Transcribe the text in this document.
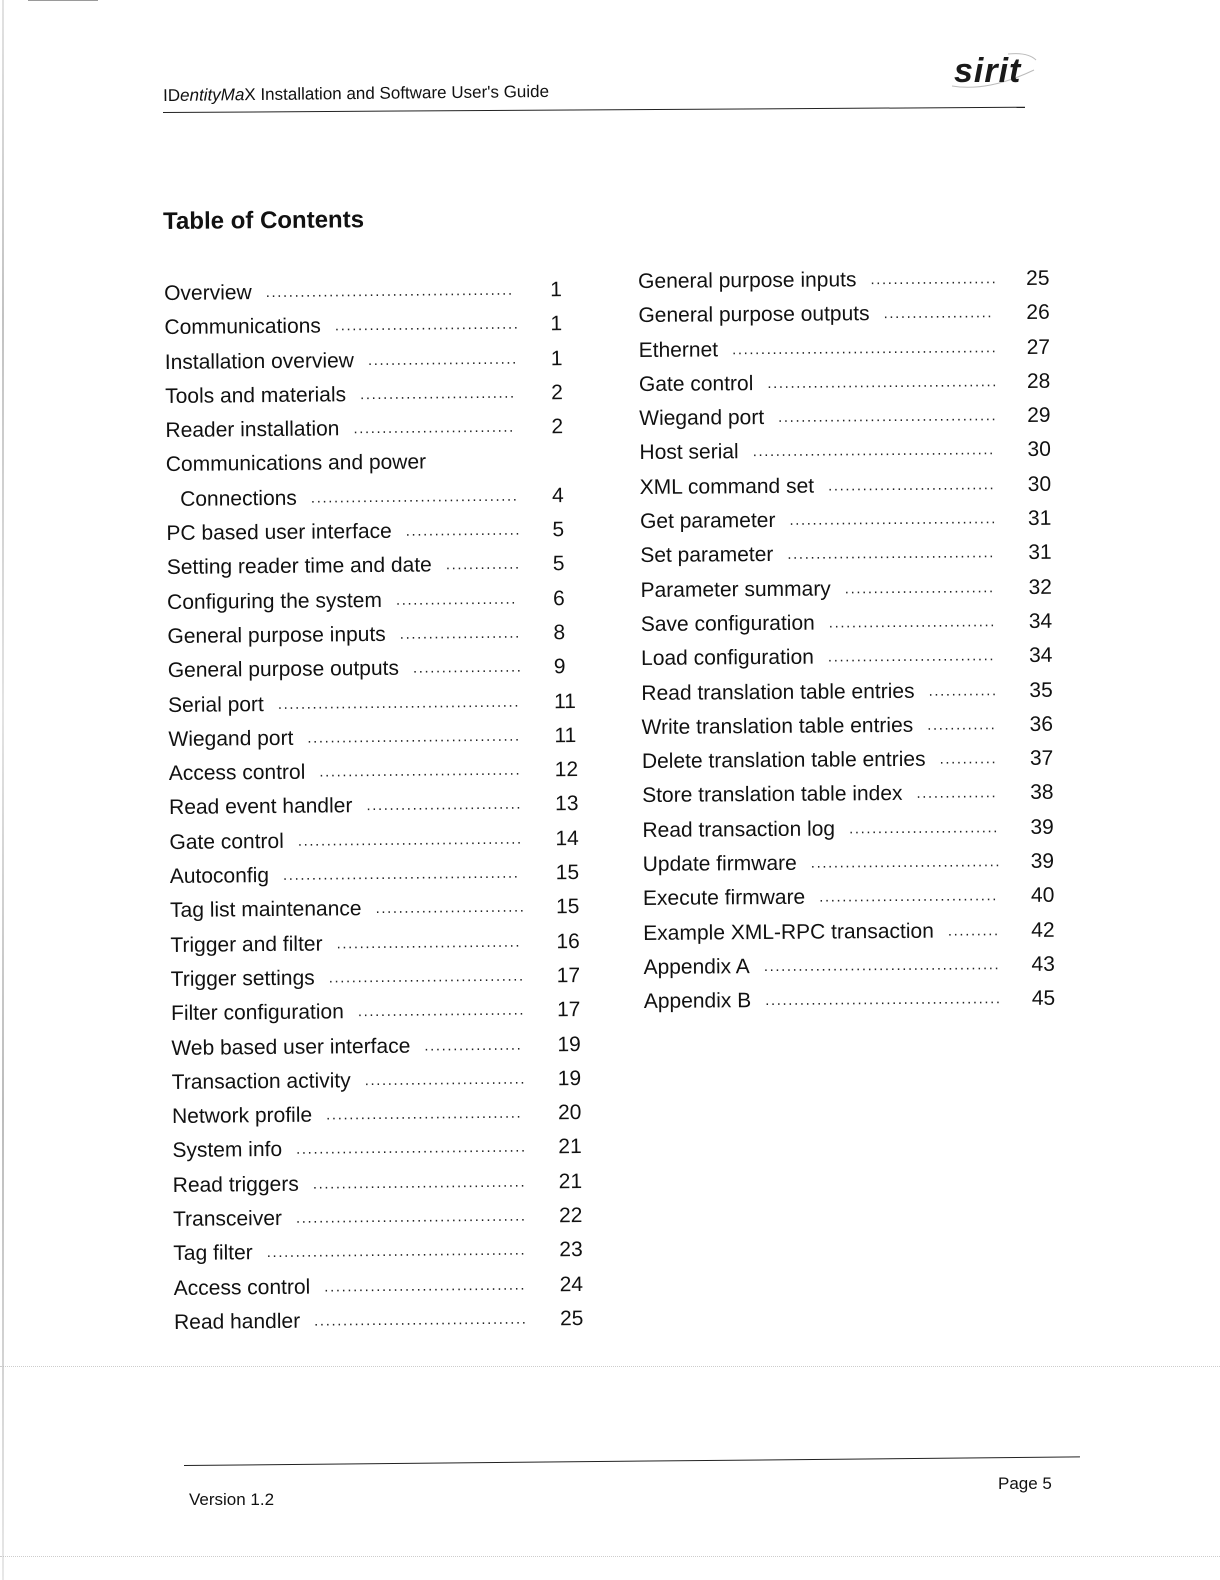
IDentityMaX Installation and Software User's Guide
sirit
Table of Contents
Overview ........................................... 1
Communications ................................ 1
Installation overview .......................... 1
Tools and materials ........................... 2
Reader installation ............................ 2
Communications and power
Connections .................................... 4
PC based user interface .................... 5
Setting reader time and date ............. 5
Configuring the system ..................... 6
General purpose inputs ..................... 8
General purpose outputs ................... 9
Serial port .......................................... 11
Wiegand port ..................................... 11
Access control ................................... 12
Read event handler ........................... 13
Gate control ....................................... 14
Autoconfig ......................................... 15
Tag list maintenance .......................... 15
Trigger and filter ................................ 16
Trigger settings .................................. 17
Filter configuration ............................. 17
Web based user interface ................. 19
Transaction activity ............................ 19
Network profile .................................. 20
System info ........................................ 21
Read triggers ..................................... 21
Transceiver ........................................ 22
Tag filter ............................................. 23
Access control ................................... 24
Read handler ..................................... 25
General purpose inputs ...................... 25
General purpose outputs ................... 26
Ethernet .............................................. 27
Gate control ........................................ 28
Wiegand port ...................................... 29
Host serial .......................................... 30
XML command set ............................. 30
Get parameter .................................... 31
Set parameter .................................... 31
Parameter summary .......................... 32
Save configuration ............................. 34
Load configuration ............................. 34
Read translation table entries ............ 35
Write translation table entries ............ 36
Delete translation table entries .......... 37
Store translation table index .............. 38
Read transaction log .......................... 39
Update firmware ................................. 39
Execute firmware ............................... 40
Example XML-RPC transaction ......... 42
Appendix A ......................................... 43
Appendix B ......................................... 45
Version 1.2
Page 5
